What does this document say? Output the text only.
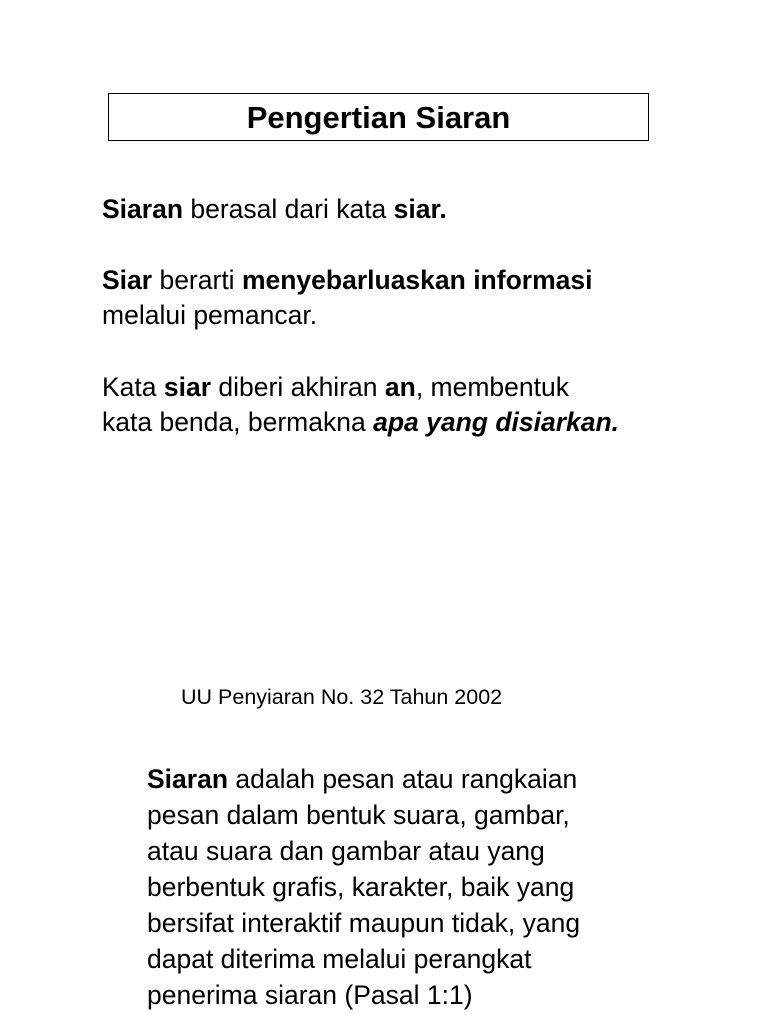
Pengertian Siaran

Siaran berasal dari kata siar.

Siar berarti menyebarluaskan informasi
melalui pemancar.

Kata siar diberi akhiran an, membentuk
kata benda, bermakna apa yang disiarkan.

UU Penyiaran No. 32 Tahun 2002

Siaran adalah pesan atau rangkaian
pesan dalam bentuk suara, gambar,
atau suara dan gambar atau yang
berbentuk grafis, karakter, baik yang
bersifat interaktif maupun tidak, yang
dapat diterima melalui perangkat
penerima siaran (Pasal 1:1)
